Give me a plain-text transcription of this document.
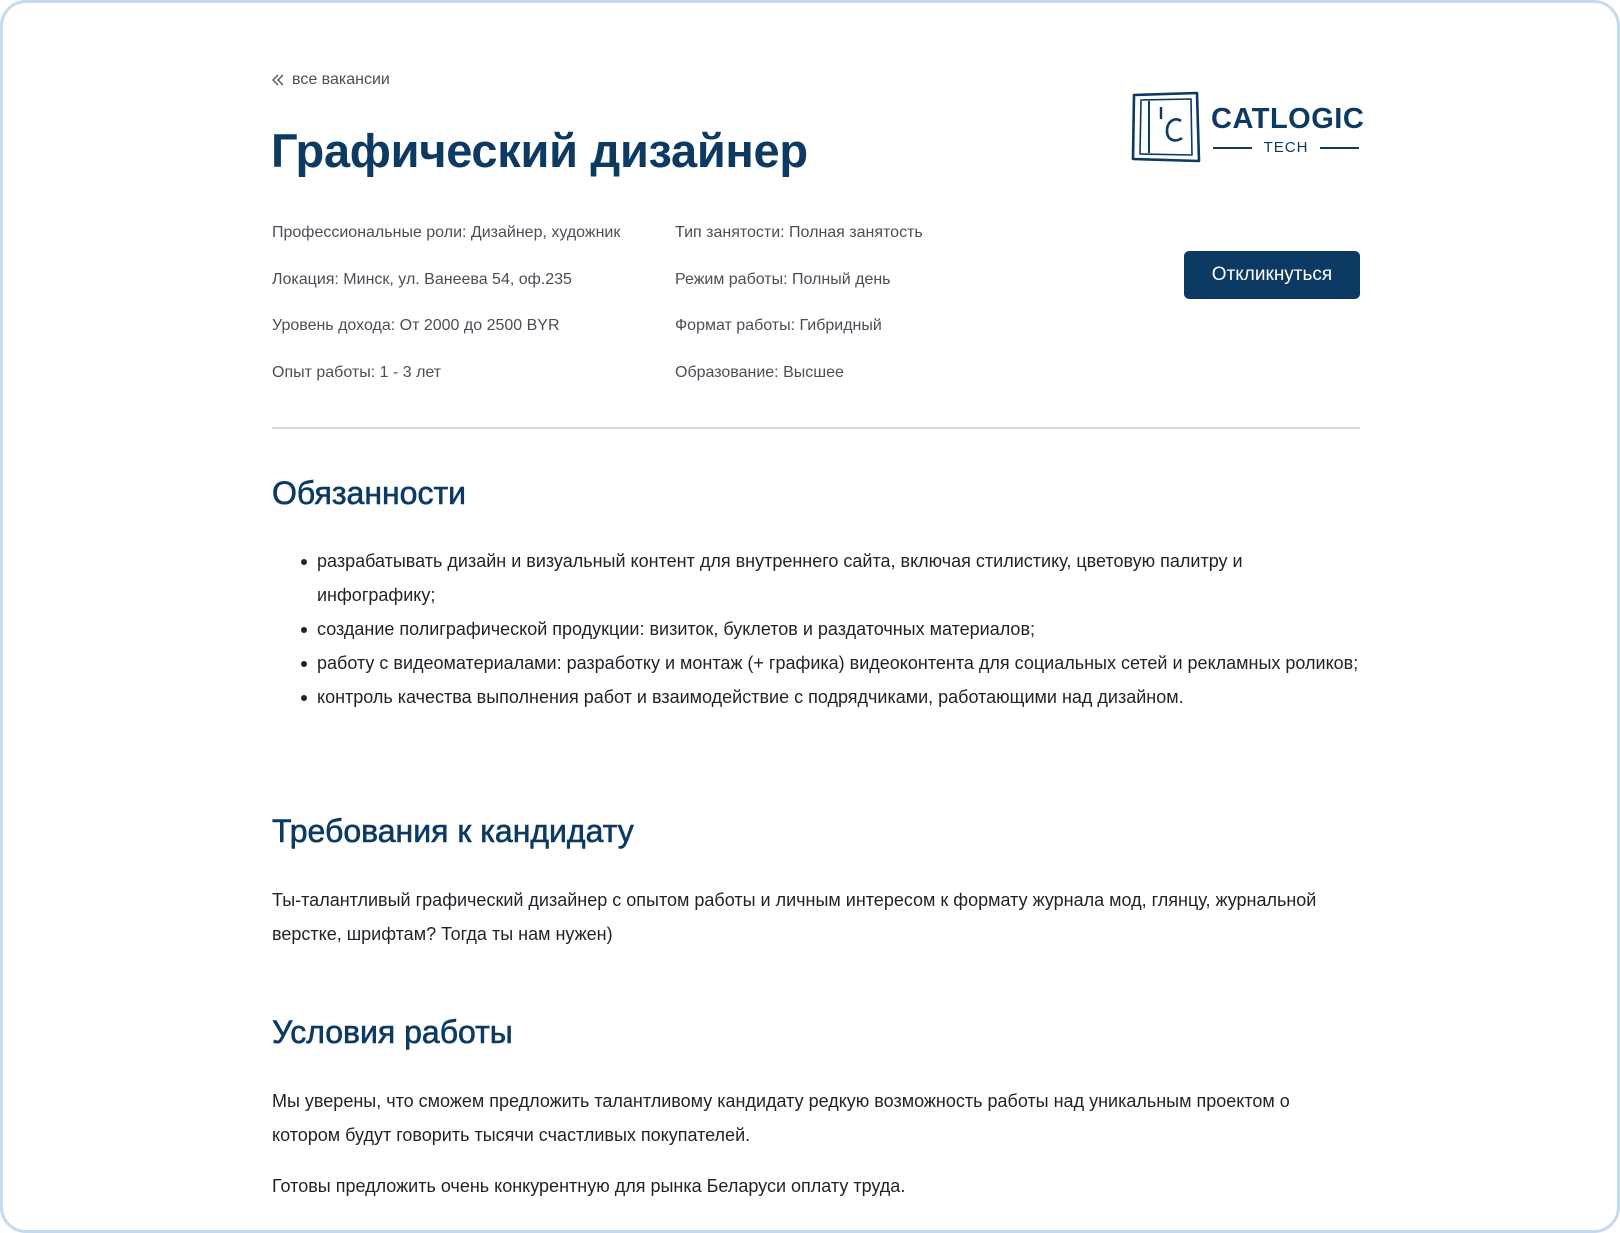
все вакансии
Графический дизайнер
CATLOGIC
TECH
Профессиональные роли: Дизайнер, художник
Локация: Минск, ул. Ванеева 54, оф.235
Уровень дохода: От 2000 до 2500 BYR
Опыт работы: 1 - 3 лет
Тип занятости: Полная занятость
Режим работы: Полный день
Формат работы: Гибридный
Образование: Высшее
Откликнуться
Обязанности
разрабатывать дизайн и визуальный контент для внутреннего сайта, включая стилистику, цветовую палитру и инфографику;
создание полиграфической продукции: визиток, буклетов и раздаточных материалов;
работу с видеоматериалами: разработку и монтаж (+ графика) видеоконтента для социальных сетей и рекламных роликов;
контроль качества выполнения работ и взаимодействие с подрядчиками, работающими над дизайном.
Требования к кандидату

Ты-талантливый графический дизайнер с опытом работы и личным интересом к формату журнала мод, глянцу, журнальной верстке, шрифтам? Тогда ты нам нужен)

Условия работы

Мы уверены, что сможем предложить талантливому кандидату редкую возможность работы над уникальным проектом о котором будут говорить тысячи счастливых покупателей.

Готовы предложить очень конкурентную для рынка Беларуси оплату труда.
